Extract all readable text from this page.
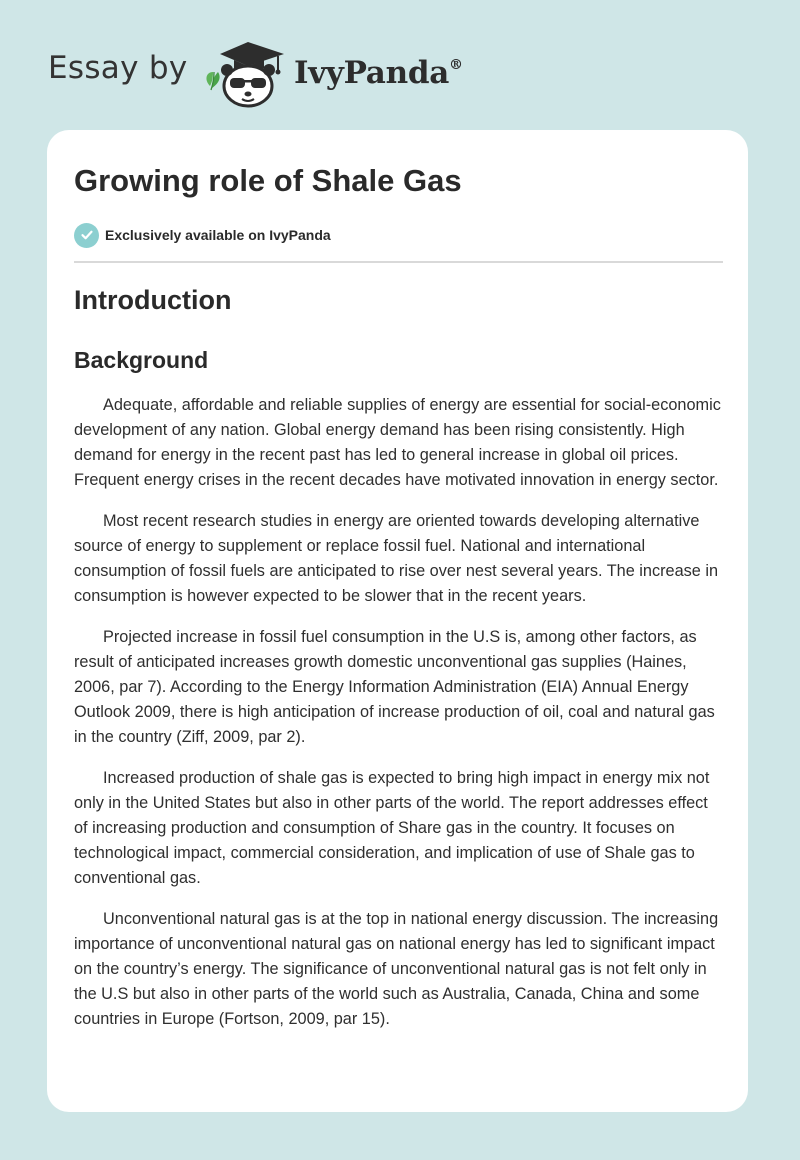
Essay by	IvyPanda®
Growing role of Shale Gas
Exclusively available on IvyPanda
Introduction
Background

Adequate, affordable and reliable supplies of energy are essential for social-economic development of any nation. Global energy demand has been rising consistently. High demand for energy in the recent past has led to general increase in global oil prices. Frequent energy crises in the recent decades have motivated innovation in energy sector.

Most recent research studies in energy are oriented towards developing alternative source of energy to supplement or replace fossil fuel. National and international consumption of fossil fuels are anticipated to rise over nest several years. The increase in consumption is however expected to be slower that in the recent years.

Projected increase in fossil fuel consumption in the U.S is, among other factors, as result of anticipated increases growth domestic unconventional gas supplies (Haines, 2006, par 7). According to the Energy Information Administration (EIA) Annual Energy Outlook 2009, there is high anticipation of increase production of oil, coal and natural gas in the country (Ziff, 2009, par 2).

Increased production of shale gas is expected to bring high impact in energy mix not only in the United States but also in other parts of the world. The report addresses effect of increasing production and consumption of Share gas in the country. It focuses on technological impact, commercial consideration, and implication of use of Shale gas to conventional gas.

Unconventional natural gas is at the top in national energy discussion. The increasing importance of unconventional natural gas on national energy has led to significant impact on the country’s energy. The significance of unconventional natural gas is not felt only in the U.S but also in other parts of the world such as Australia, Canada, China and some countries in Europe (Fortson, 2009, par 15).
